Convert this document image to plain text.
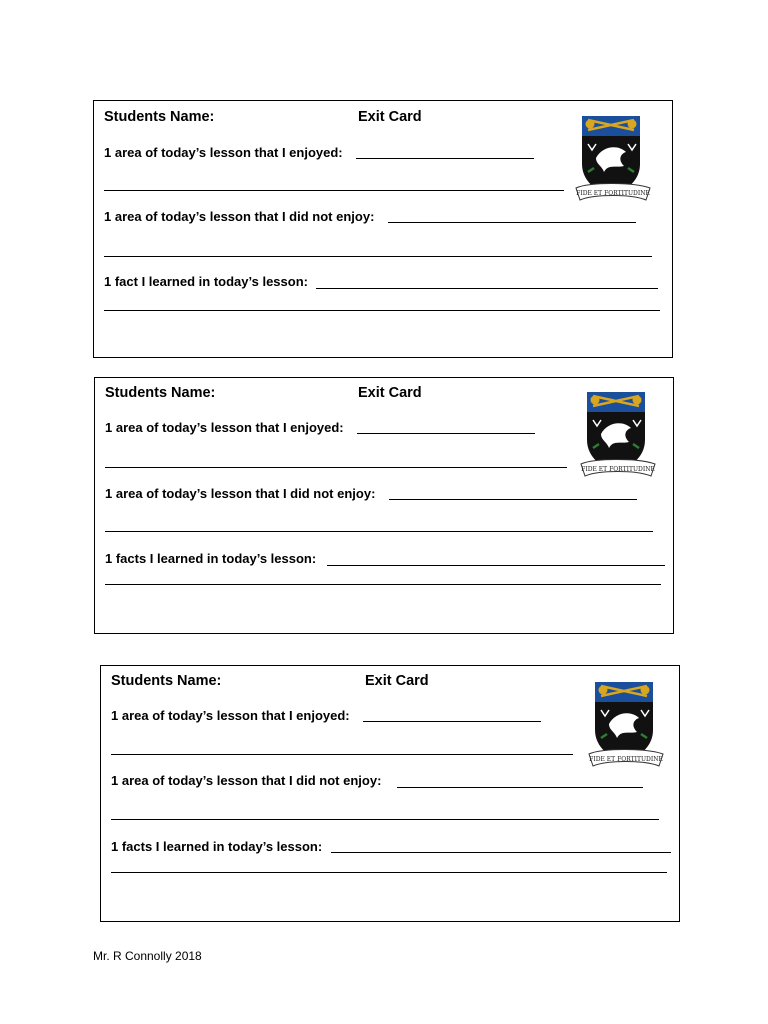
Students Name:	Exit Card
1 area of today’s lesson that I enjoyed:
1 area of today’s lesson that I did not enjoy:
1 fact I learned in today’s lesson:
FIDE ET FORTITUDINE
Students Name:	Exit Card
1 area of today’s lesson that I enjoyed:
1 area of today’s lesson that I did not enjoy:
1 facts I learned in today’s lesson:
FIDE ET FORTITUDINE
Students Name:	Exit Card
1 area of today’s lesson that I enjoyed:
1 area of today’s lesson that I did not enjoy:
1 facts I learned in today’s lesson:
FIDE ET FORTITUDINE
Mr. R Connolly 2018
